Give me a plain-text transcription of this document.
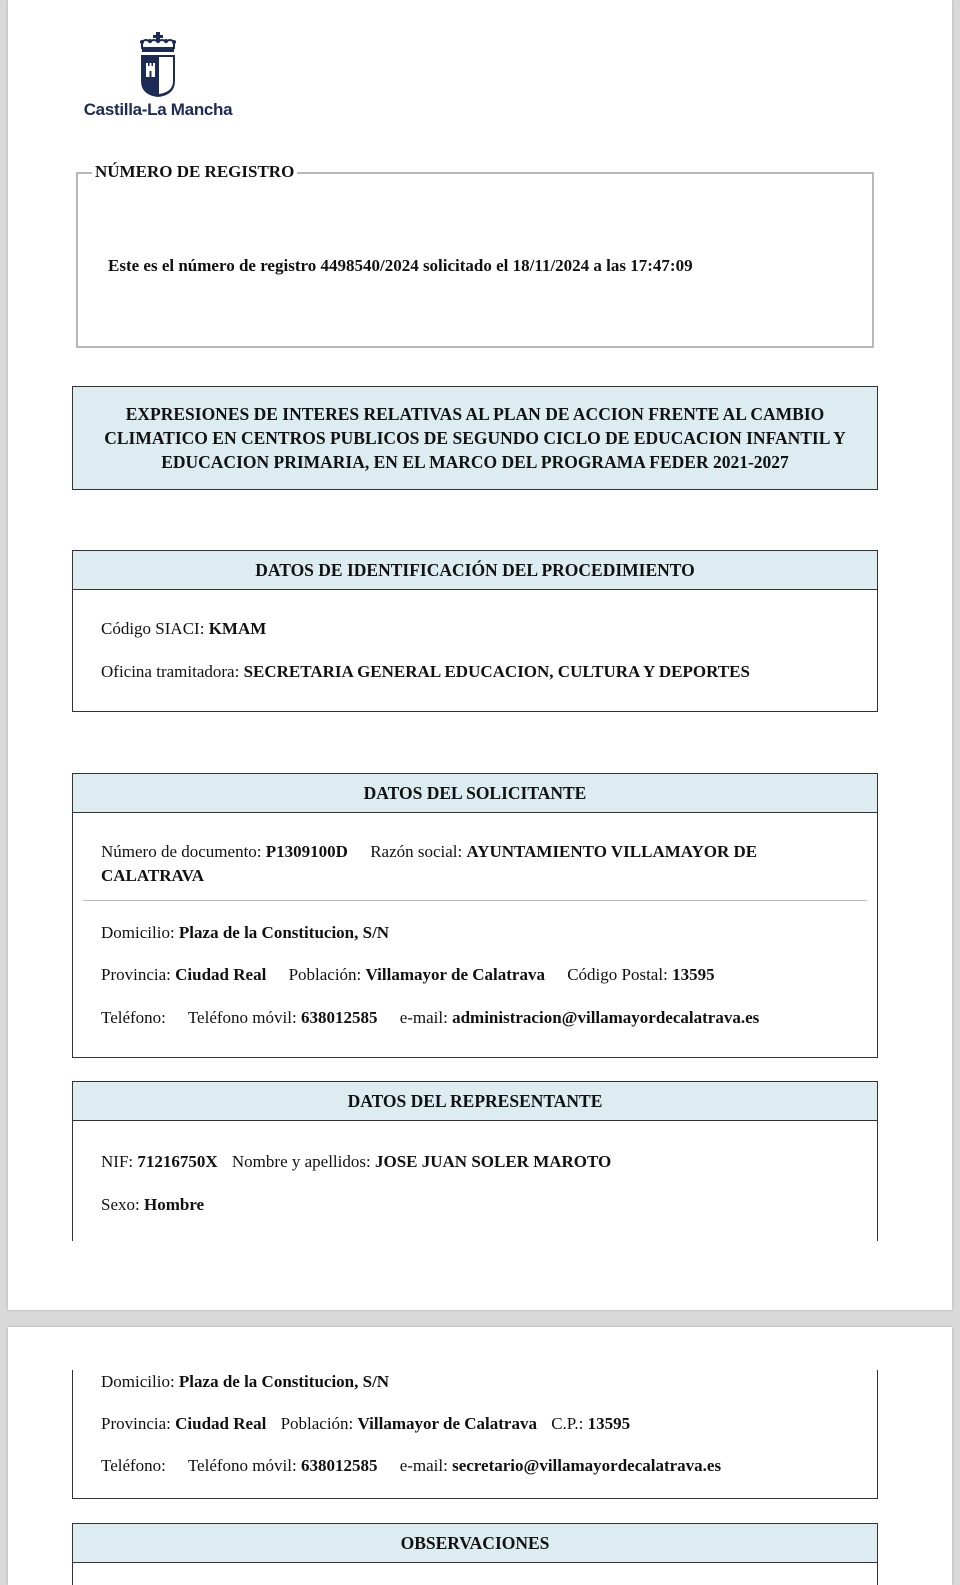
Castilla-La Mancha
NÚMERO DE REGISTRO
Este es el número de registro 4498540/2024 solicitado el 18/11/2024 a las 17:47:09
EXPRESIONES DE INTERES RELATIVAS AL PLAN DE ACCION FRENTE AL CAMBIO CLIMATICO EN CENTROS PUBLICOS DE SEGUNDO CICLO DE EDUCACION INFANTIL Y EDUCACION PRIMARIA, EN EL MARCO DEL PROGRAMA FEDER 2021-2027
DATOS DE IDENTIFICACIÓN DEL PROCEDIMIENTO
Código SIACI: KMAM
Oficina tramitadora: SECRETARIA GENERAL EDUCACION, CULTURA Y DEPORTES
DATOS DEL SOLICITANTE
Número de documento: P1309100D Razón social: AYUNTAMIENTO VILLAMAYOR DE
CALATRAVA
Domicilio: Plaza de la Constitucion, S/N
Provincia: Ciudad Real Población: Villamayor de Calatrava Código Postal: 13595
Teléfono: Teléfono móvil: 638012585 e-mail: administracion@villamayordecalatrava.es
DATOS DEL REPRESENTANTE
NIF: 71216750X Nombre y apellidos: JOSE JUAN SOLER MAROTO
Sexo: Hombre
Domicilio: Plaza de la Constitucion, S/N
Provincia: Ciudad Real Población: Villamayor de Calatrava C.P.: 13595
Teléfono: Teléfono móvil: 638012585 e-mail: secretario@villamayordecalatrava.es
OBSERVACIONES
